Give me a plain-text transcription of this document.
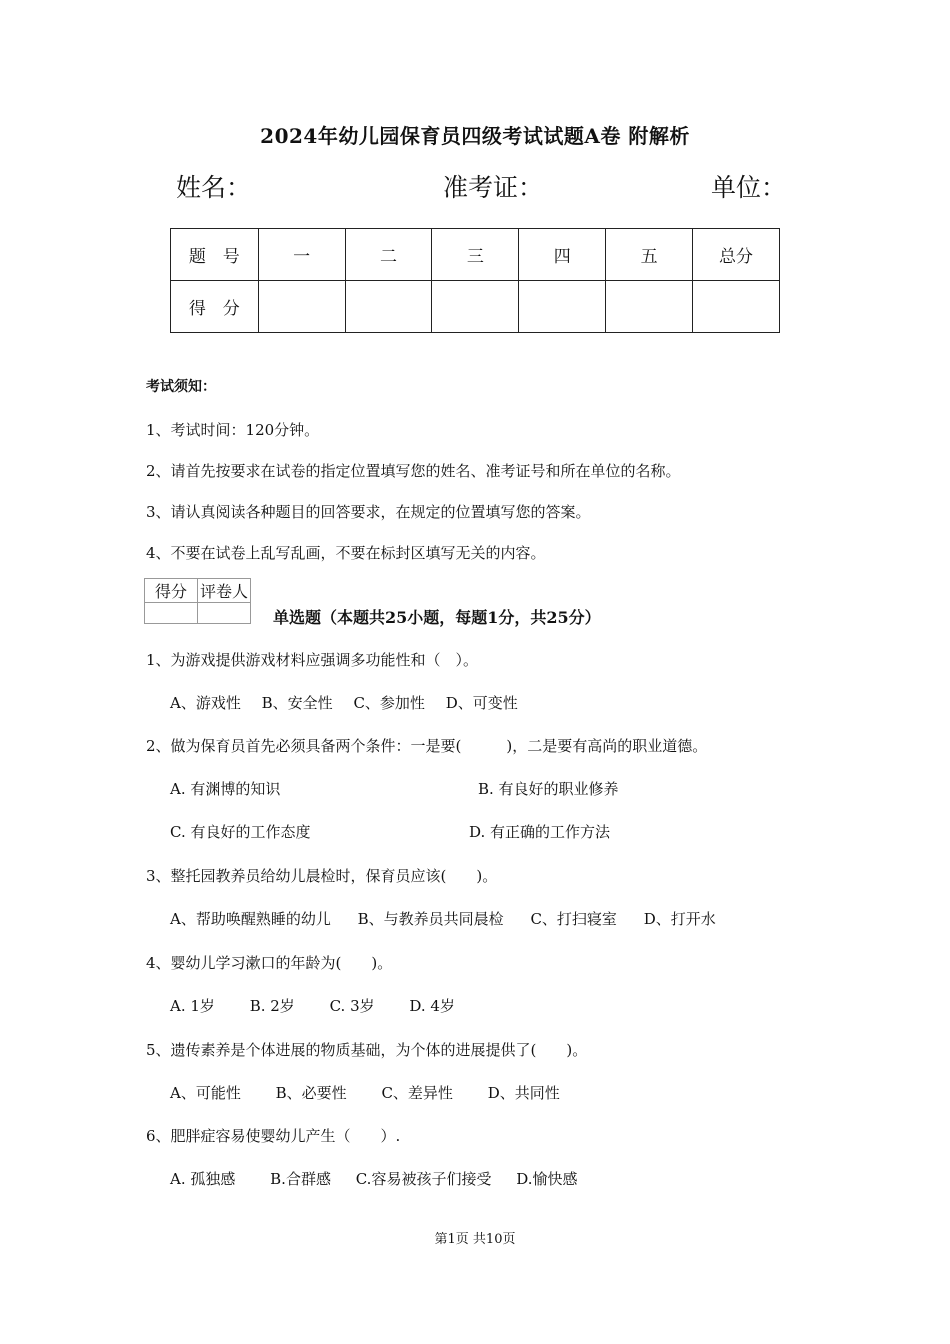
2024年幼儿园保育员四级考试试题A卷 附解析
姓名：	准考证：	单位：
题　号	一	二	三	四	五	总分
得　分						
考试须知：
1、考试时间：120分钟。
2、请首先按要求在试卷的指定位置填写您的姓名、准考证号和所在单位的名称。
3、请认真阅读各种题目的回答要求，在规定的位置填写您的答案。
4、不要在试卷上乱写乱画，不要在标封区填写无关的内容。
得分	评卷人

单选题（本题共25小题，每题1分，共25分）
1、为游戏提供游戏材料应强调多功能性和（　）。
A、游戏性 B、安全性 C、参加性 D、可变性
2、做为保育员首先必须具备两个条件：一是要(　　　)，二是要有高尚的职业道德。
A. 有渊博的知识	B. 有良好的职业修养
C. 有良好的工作态度	D. 有正确的工作方法
3、整托园教养员给幼儿晨检时，保育员应该(　　)。
A、帮助唤醒熟睡的幼儿 B、与教养员共同晨检 C、打扫寝室 D、打开水
4、婴幼儿学习漱口的年龄为(　　)。
A. 1岁 B. 2岁 C. 3岁 D. 4岁
5、遗传素养是个体进展的物质基础，为个体的进展提供了(　　)。
A、可能性 B、必要性 C、差异性 D、共同性
6、肥胖症容易使婴幼儿产生（　　）.
A. 孤独感 B.合群感 C.容易被孩子们接受 D.愉快感
第1页 共10页
